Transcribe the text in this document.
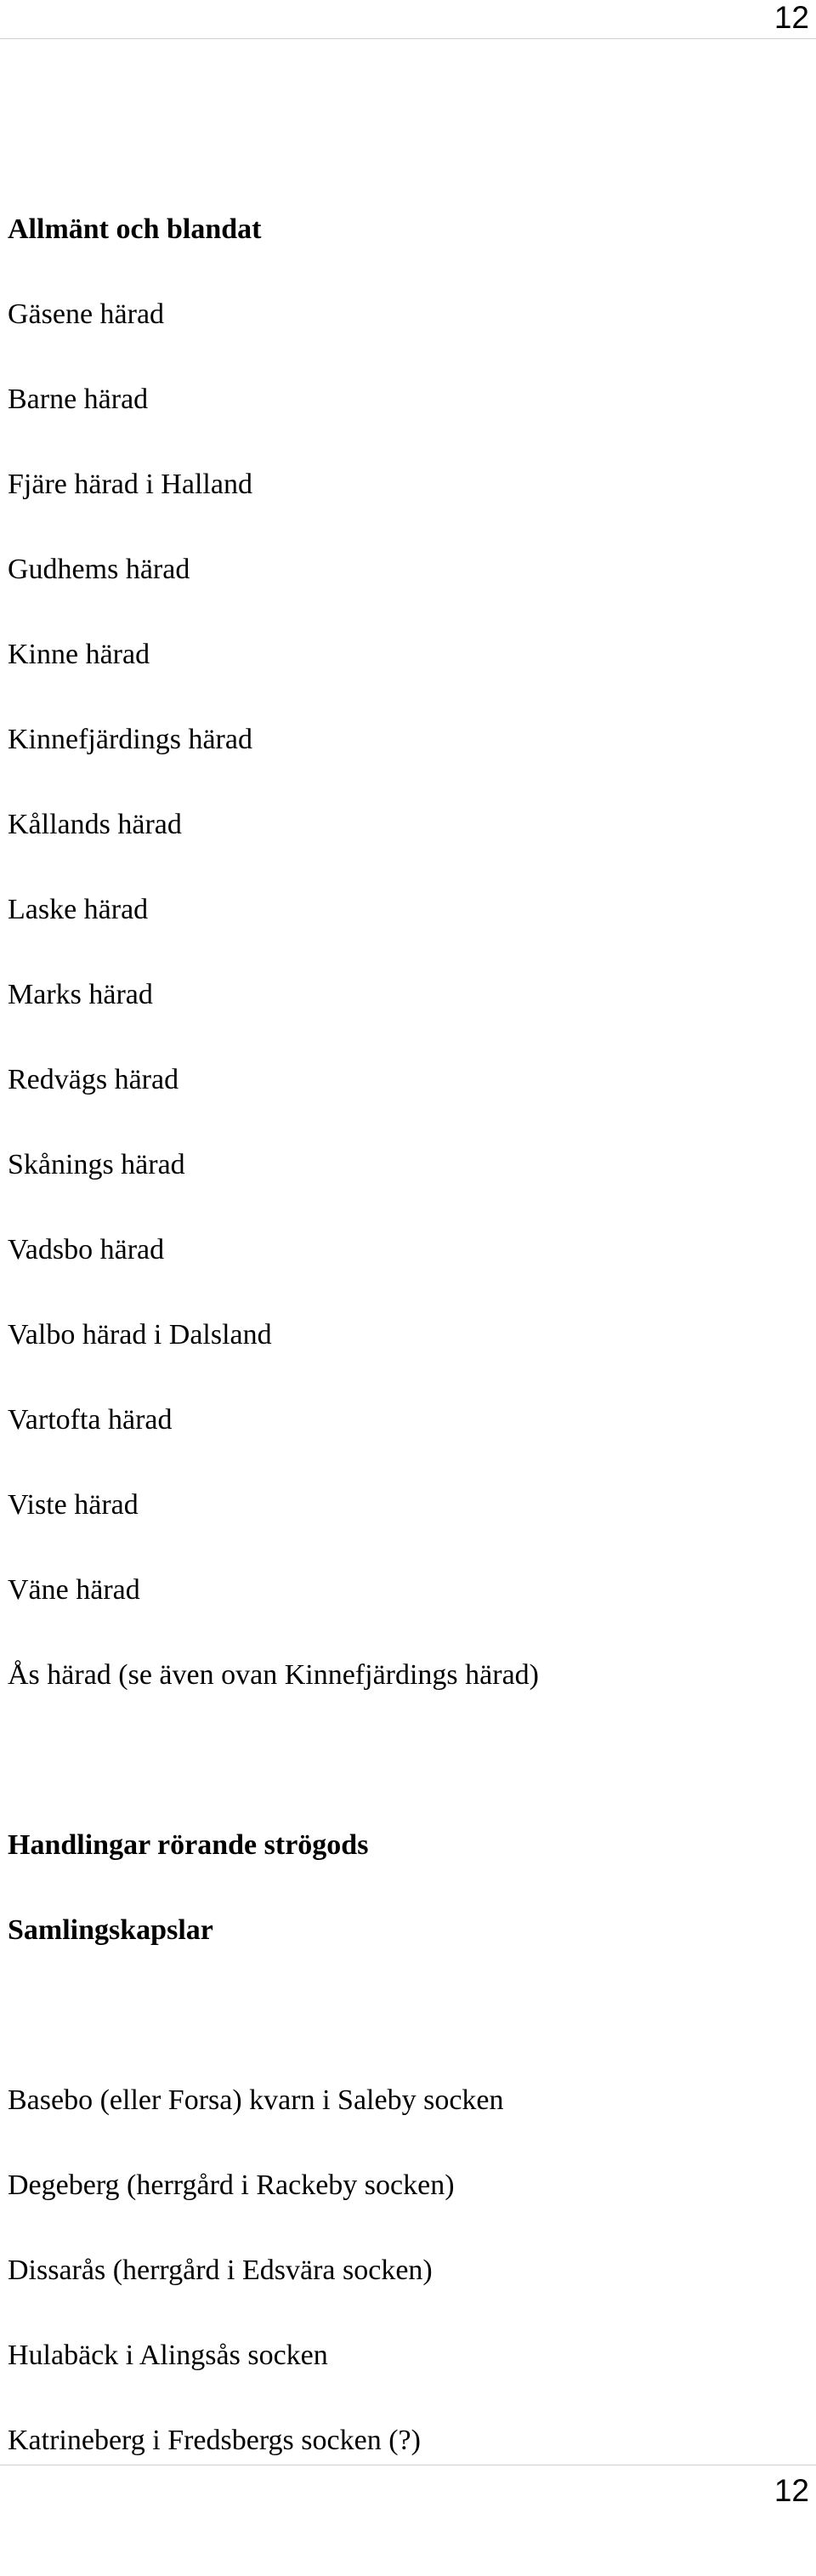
12
Allmänt och blandat
Gäsene härad
Barne härad
Fjäre härad i Halland
Gudhems härad
Kinne härad
Kinnefjärdings härad
Kållands härad
Laske härad
Marks härad
Redvägs härad
Skånings härad
Vadsbo härad
Valbo härad i Dalsland
Vartofta härad
Viste härad
Väne härad
Ås härad (se även ovan Kinnefjärdings härad)
Handlingar rörande strögods
Samlingskapslar
Basebo (eller Forsa) kvarn i Saleby socken
Degeberg (herrgård i Rackeby socken)
Dissarås (herrgård i Edsvära socken)
Hulabäck i Alingsås socken
Katrineberg i Fredsbergs socken (?)
12
